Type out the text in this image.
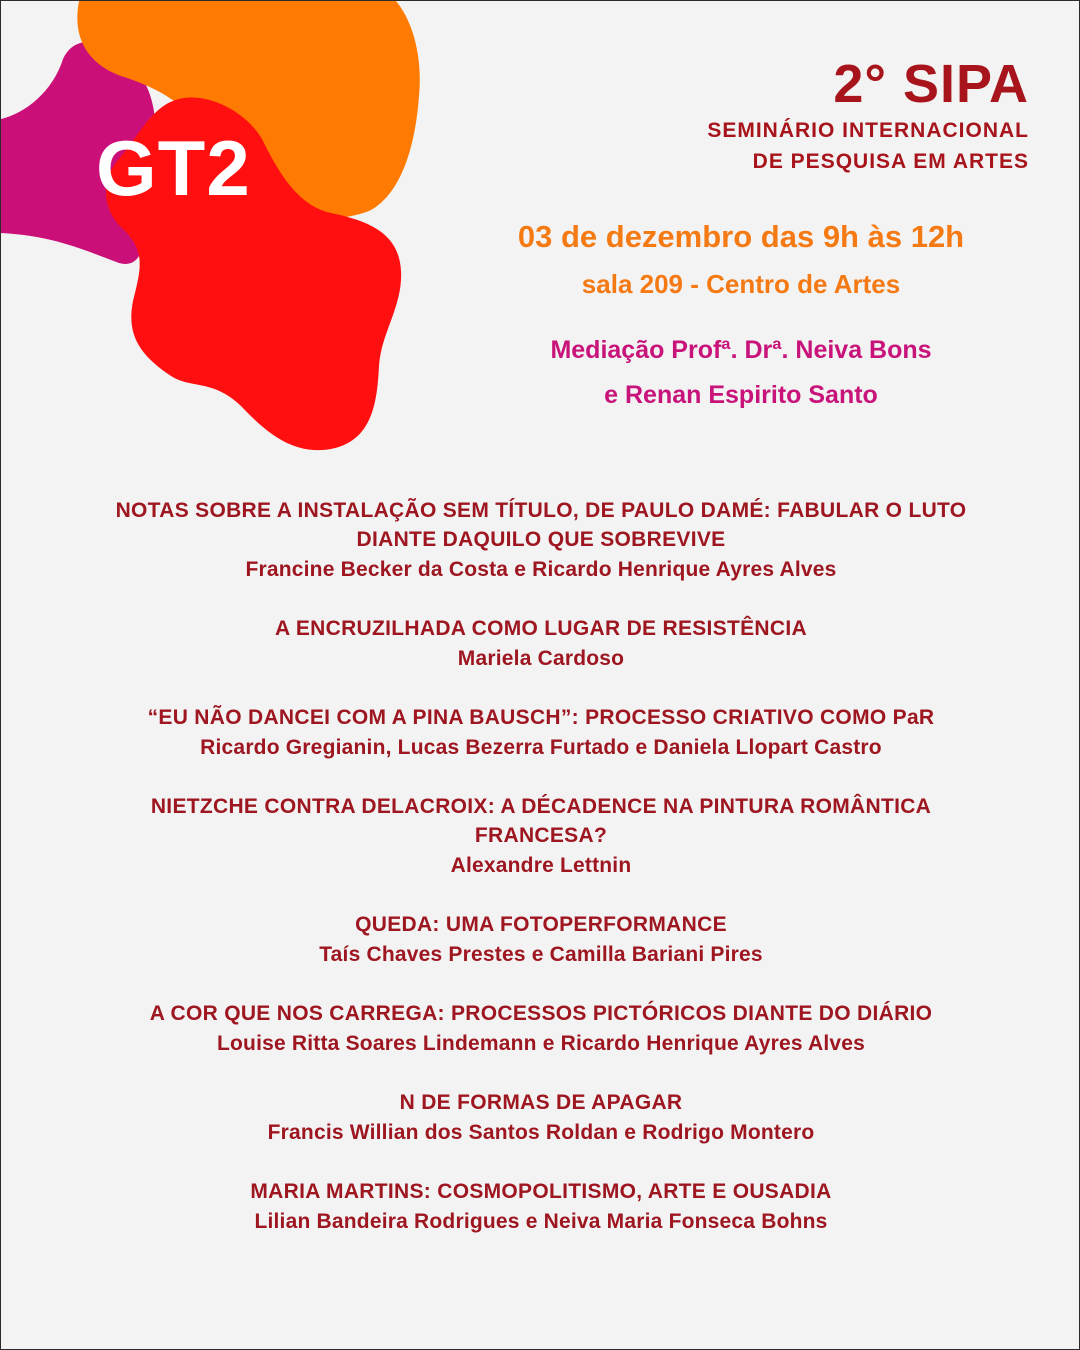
GT2
2° SIPA
SEMINÁRIO INTERNACIONAL
DE PESQUISA EM ARTES
03 de dezembro das 9h às 12h
sala 209 - Centro de Artes
Mediação Profª. Drª. Neiva Bons
e Renan Espirito Santo
NOTAS SOBRE A INSTALAÇÃO SEM TÍTULO, DE PAULO DAMÉ: FABULAR O LUTO DIANTE DAQUILO QUE SOBREVIVE
Francine Becker da Costa e Ricardo Henrique Ayres Alves
A ENCRUZILHADA COMO LUGAR DE RESISTÊNCIA
Mariela Cardoso
“EU NÃO DANCEI COM A PINA BAUSCH”: PROCESSO CRIATIVO COMO PaR
Ricardo Gregianin, Lucas Bezerra Furtado e Daniela Llopart Castro
NIETZCHE CONTRA DELACROIX: A DÉCADENCE NA PINTURA ROMÂNTICA FRANCESA?
Alexandre Lettnin
QUEDA: UMA FOTOPERFORMANCE
Taís Chaves Prestes e Camilla Bariani Pires
A COR QUE NOS CARREGA: PROCESSOS PICTÓRICOS DIANTE DO DIÁRIO
Louise Ritta Soares Lindemann e Ricardo Henrique Ayres Alves
N DE FORMAS DE APAGAR
Francis Willian dos Santos Roldan e Rodrigo Montero
MARIA MARTINS: COSMOPOLITISMO, ARTE E OUSADIA
Lilian Bandeira Rodrigues e Neiva Maria Fonseca Bohns
